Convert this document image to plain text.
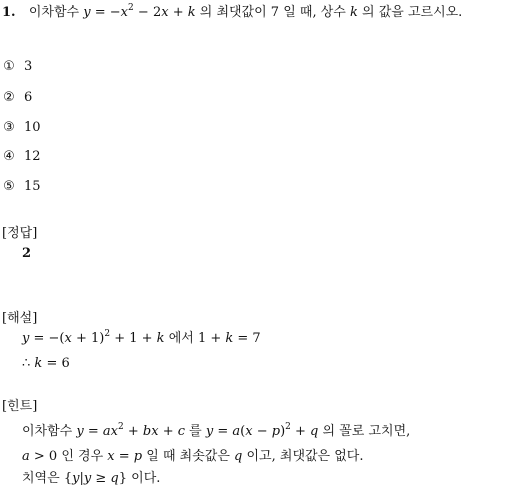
1. 이차함수 $y = -x^2 - 2x + k$ 의 최댓값이 7 일 때, 상수 k 의 값을 고르시오.
① 3
② 6
③ 10
④ 12
⑤ 15
[정답]
2
[해설]
$y = -(x + 1)^2 + 1 + k$ 에서 1 + k = 7
∴ k = 6
[힌트]
이차함수 $y = ax^2$ + bx + c 를 $y = a(x - p)^2 + q$ 의 꼴로 고치면,
a > 0 인 경우 x = p 일 때 최솟값은 q 이고, 최댓값은 없다.
치역은 {y|y ≥ q} 이다.
